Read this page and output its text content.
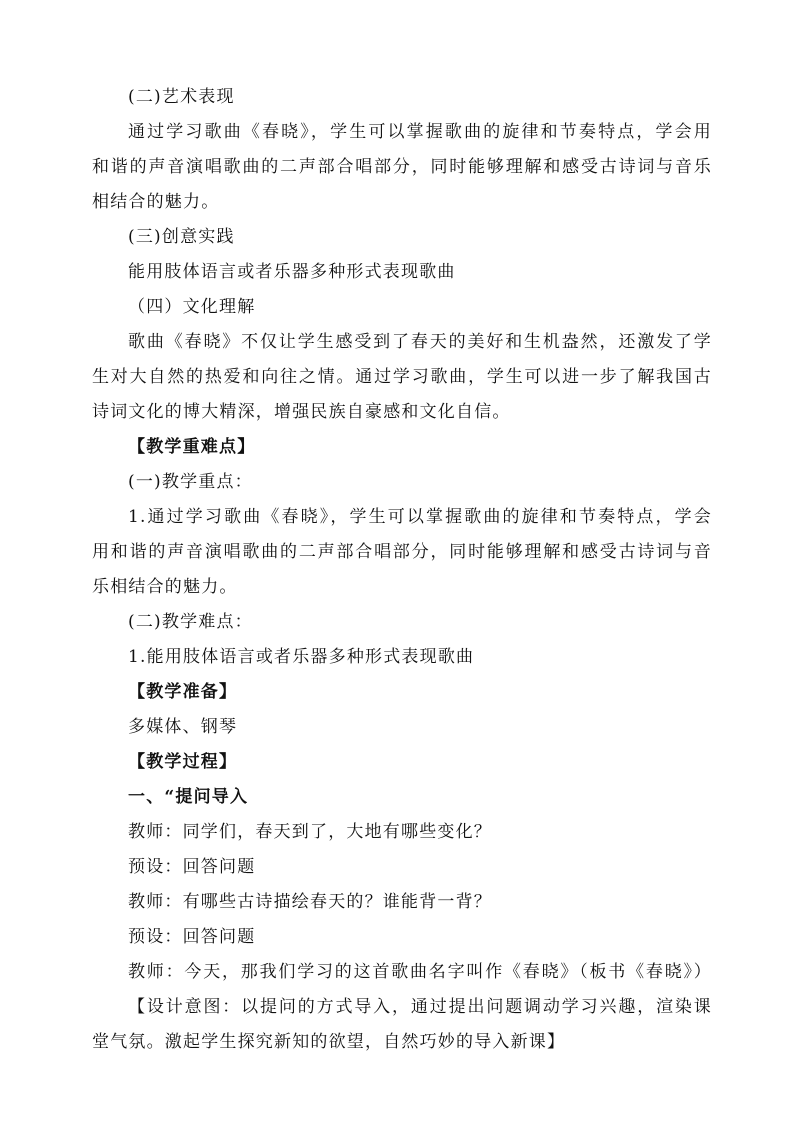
(二)艺术表现
通过学习歌曲《春晓》，学生可以掌握歌曲的旋律和节奏特点，学会用
和谐的声音演唱歌曲的二声部合唱部分，同时能够理解和感受古诗词与音乐
相结合的魅力。
(三)创意实践
能用肢体语言或者乐器多种形式表现歌曲
（四）文化理解
歌曲《春晓》不仅让学生感受到了春天的美好和生机盎然，还激发了学
生对大自然的热爱和向往之情。通过学习歌曲，学生可以进一步了解我国古
诗词文化的博大精深，增强民族自豪感和文化自信。
【教学重难点】
(一)教学重点：
1.通过学习歌曲《春晓》，学生可以掌握歌曲的旋律和节奏特点，学会
用和谐的声音演唱歌曲的二声部合唱部分，同时能够理解和感受古诗词与音
乐相结合的魅力。
(二)教学难点：
1.能用肢体语言或者乐器多种形式表现歌曲
【教学准备】
多媒体、钢琴
【教学过程】
一、“提问导入
教师：同学们，春天到了，大地有哪些变化？
预设：回答问题
教师：有哪些古诗描绘春天的？谁能背一背？
预设：回答问题
教师：今天，那我们学习的这首歌曲名字叫作《春晓》（板书《春晓》）
【设计意图：以提问的方式导入，通过提出问题调动学习兴趣，渲染课
堂气氛。激起学生探究新知的欲望，自然巧妙的导入新课】
